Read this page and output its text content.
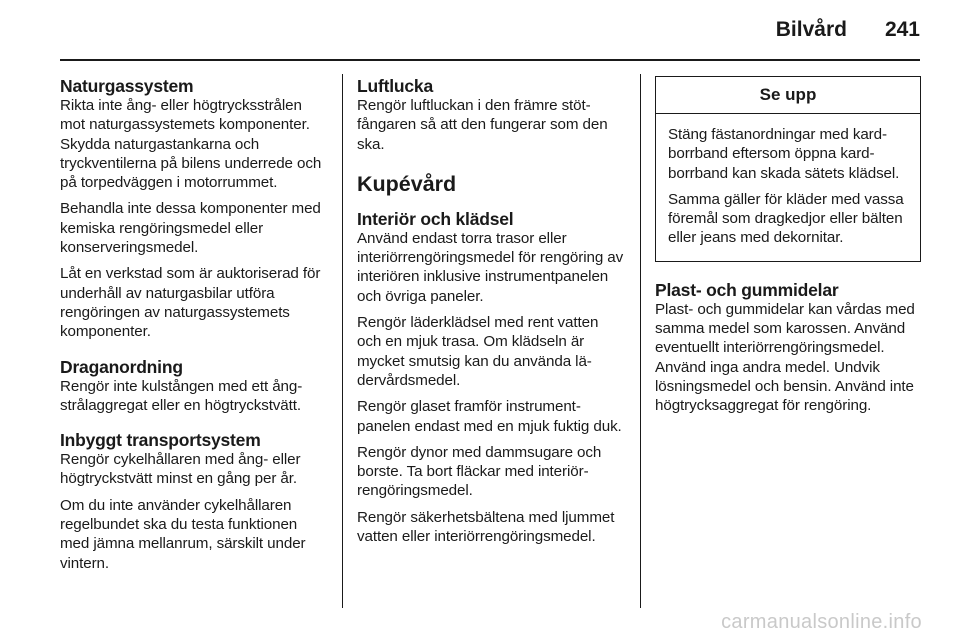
Bilvård 241
Naturgassystem

Rikta inte ång- eller högtrycksstrålen mot naturgassystemets komponenter. Skydda naturgastankarna och tryckventilerna på bilens underrede och på torpedväggen i motorrummet.

Behandla inte dessa komponenter med kemiska rengöringsmedel eller konserveringsmedel.

Låt en verkstad som är auktoriserad för underhåll av naturgasbilar utföra rengöringen av naturgassystemets komponenter.

Draganordning

Rengör inte kulstången med ett ångstrålaggregat eller en högtryckstvätt.

Inbyggt transportsystem

Rengör cykelhållaren med ång- eller högtryckstvätt minst en gång per år.

Om du inte använder cykelhållaren regelbundet ska du testa funktionen med jämna mellanrum, särskilt under vintern.

Luftlucka

Rengör luftluckan i den främre stötfångaren så att den fungerar som den ska.

Kupévård
Interiör och klädsel

Använd endast torra trasor eller interiörrengöringsmedel för rengöring av interiören inklusive instrumentpanelen och övriga paneler.

Rengör läderklädsel med rent vatten och en mjuk trasa. Om klädseln är mycket smutsig kan du använda lädervårdsmedel.

Rengör glaset framför instrumentpanelen endast med en mjuk fuktig duk.

Rengör dynor med dammsugare och borste. Ta bort fläckar med interiörrengöringsmedel.

Rengör säkerhetsbältena med ljummet vatten eller interiörrengöringsmedel.

Se upp

Stäng fästanordningar med kardborrband eftersom öppna kardborrband kan skada sätets klädsel.

Samma gäller för kläder med vassa föremål som dragkedjor eller bälten eller jeans med dekornitar.

Plast- och gummidelar

Plast- och gummidelar kan vårdas med samma medel som karossen. Använd eventuellt interiörrengöringsmedel. Använd inga andra medel. Undvik lösningsmedel och bensin. Använd inte högtrycksaggregat för rengöring.

carmanualsonline.info
